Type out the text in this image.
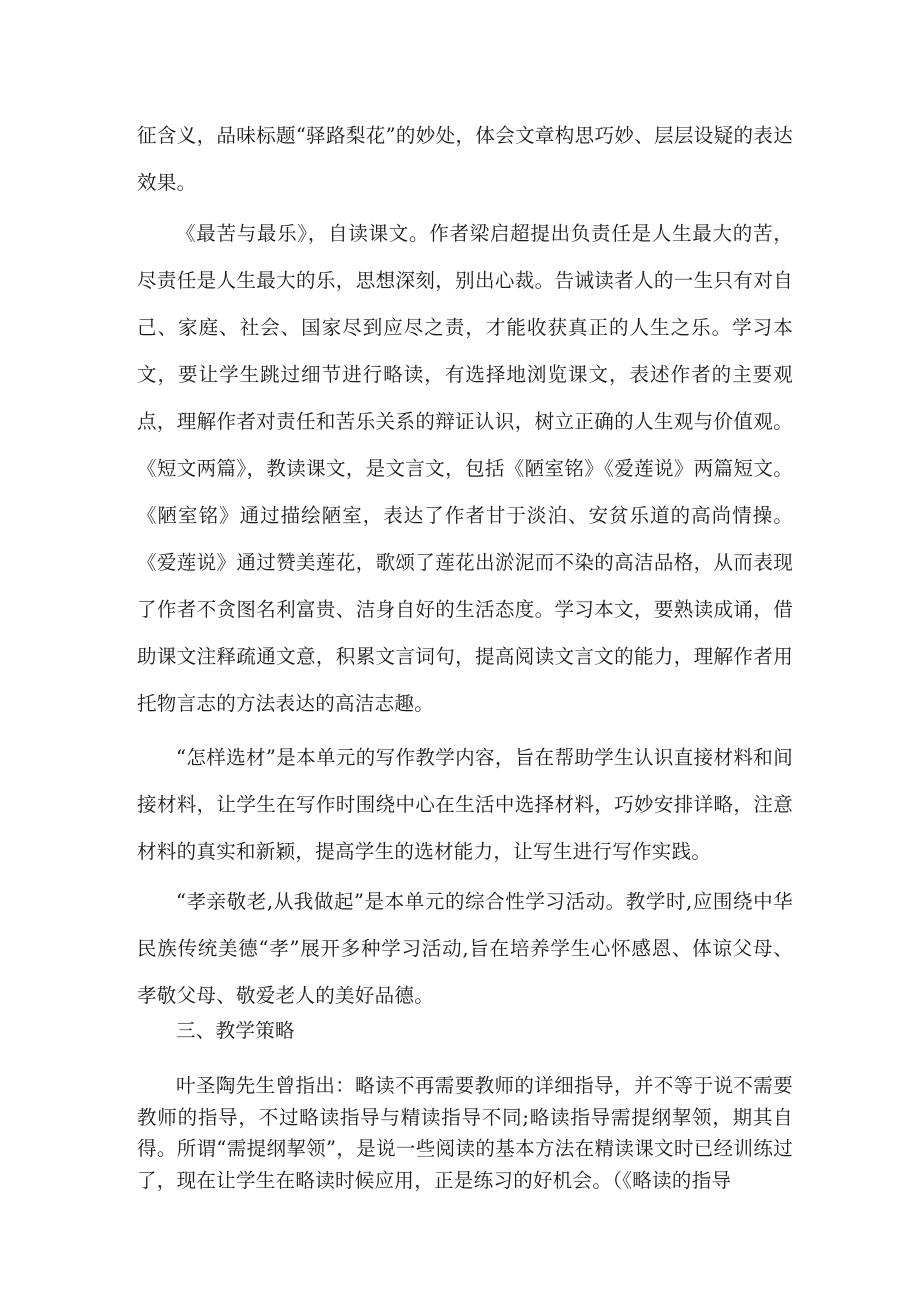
征含义，品味标题“驿路梨花”的妙处，体会文章构思巧妙、层层设疑的表达效果。

《最苦与最乐》，自读课文。作者梁启超提出负责任是人生最大的苦，尽责任是人生最大的乐，思想深刻，别出心裁。告诫读者人的一生只有对自己、家庭、社会、国家尽到应尽之责，才能收获真正的人生之乐。学习本文，要让学生跳过细节进行略读，有选择地浏览课文，表述作者的主要观点，理解作者对责任和苦乐关系的辩证认识，树立正确的人生观与价值观。《短文两篇》，教读课文，是文言文，包括《陋室铭》《爱莲说》两篇短文。《陋室铭》通过描绘陋室，表达了作者甘于淡泊、安贫乐道的高尚情操。《爱莲说》通过赞美莲花，歌颂了莲花出淤泥而不染的高洁品格，从而表现了作者不贪图名利富贵、洁身自好的生活态度。学习本文，要熟读成诵，借助课文注释疏通文意，积累文言词句，提高阅读文言文的能力，理解作者用托物言志的方法表达的高洁志趣。

“怎样选材”是本单元的写作教学内容，旨在帮助学生认识直接材料和间接材料，让学生在写作时围绕中心在生活中选择材料，巧妙安排详略，注意材料的真实和新颖，提高学生的选材能力，让写生进行写作实践。

“孝亲敬老,从我做起”是本单元的综合性学习活动。教学时,应围绕中华民族传统美德“孝”展开多种学习活动,旨在培养学生心怀感恩、体谅父母、孝敬父母、敬爱老人的美好品德。

三、教学策略

叶圣陶先生曾指出：略读不再需要教师的详细指导，并不等于说不需要教师的指导，不过略读指导与精读指导不同;略读指导需提纲挈领，期其自得。所谓“需提纲挈领”，是说一些阅读的基本方法在精读课文时已经训练过了，现在让学生在略读时候应用，正是练习的好机会。（《略读的指导
